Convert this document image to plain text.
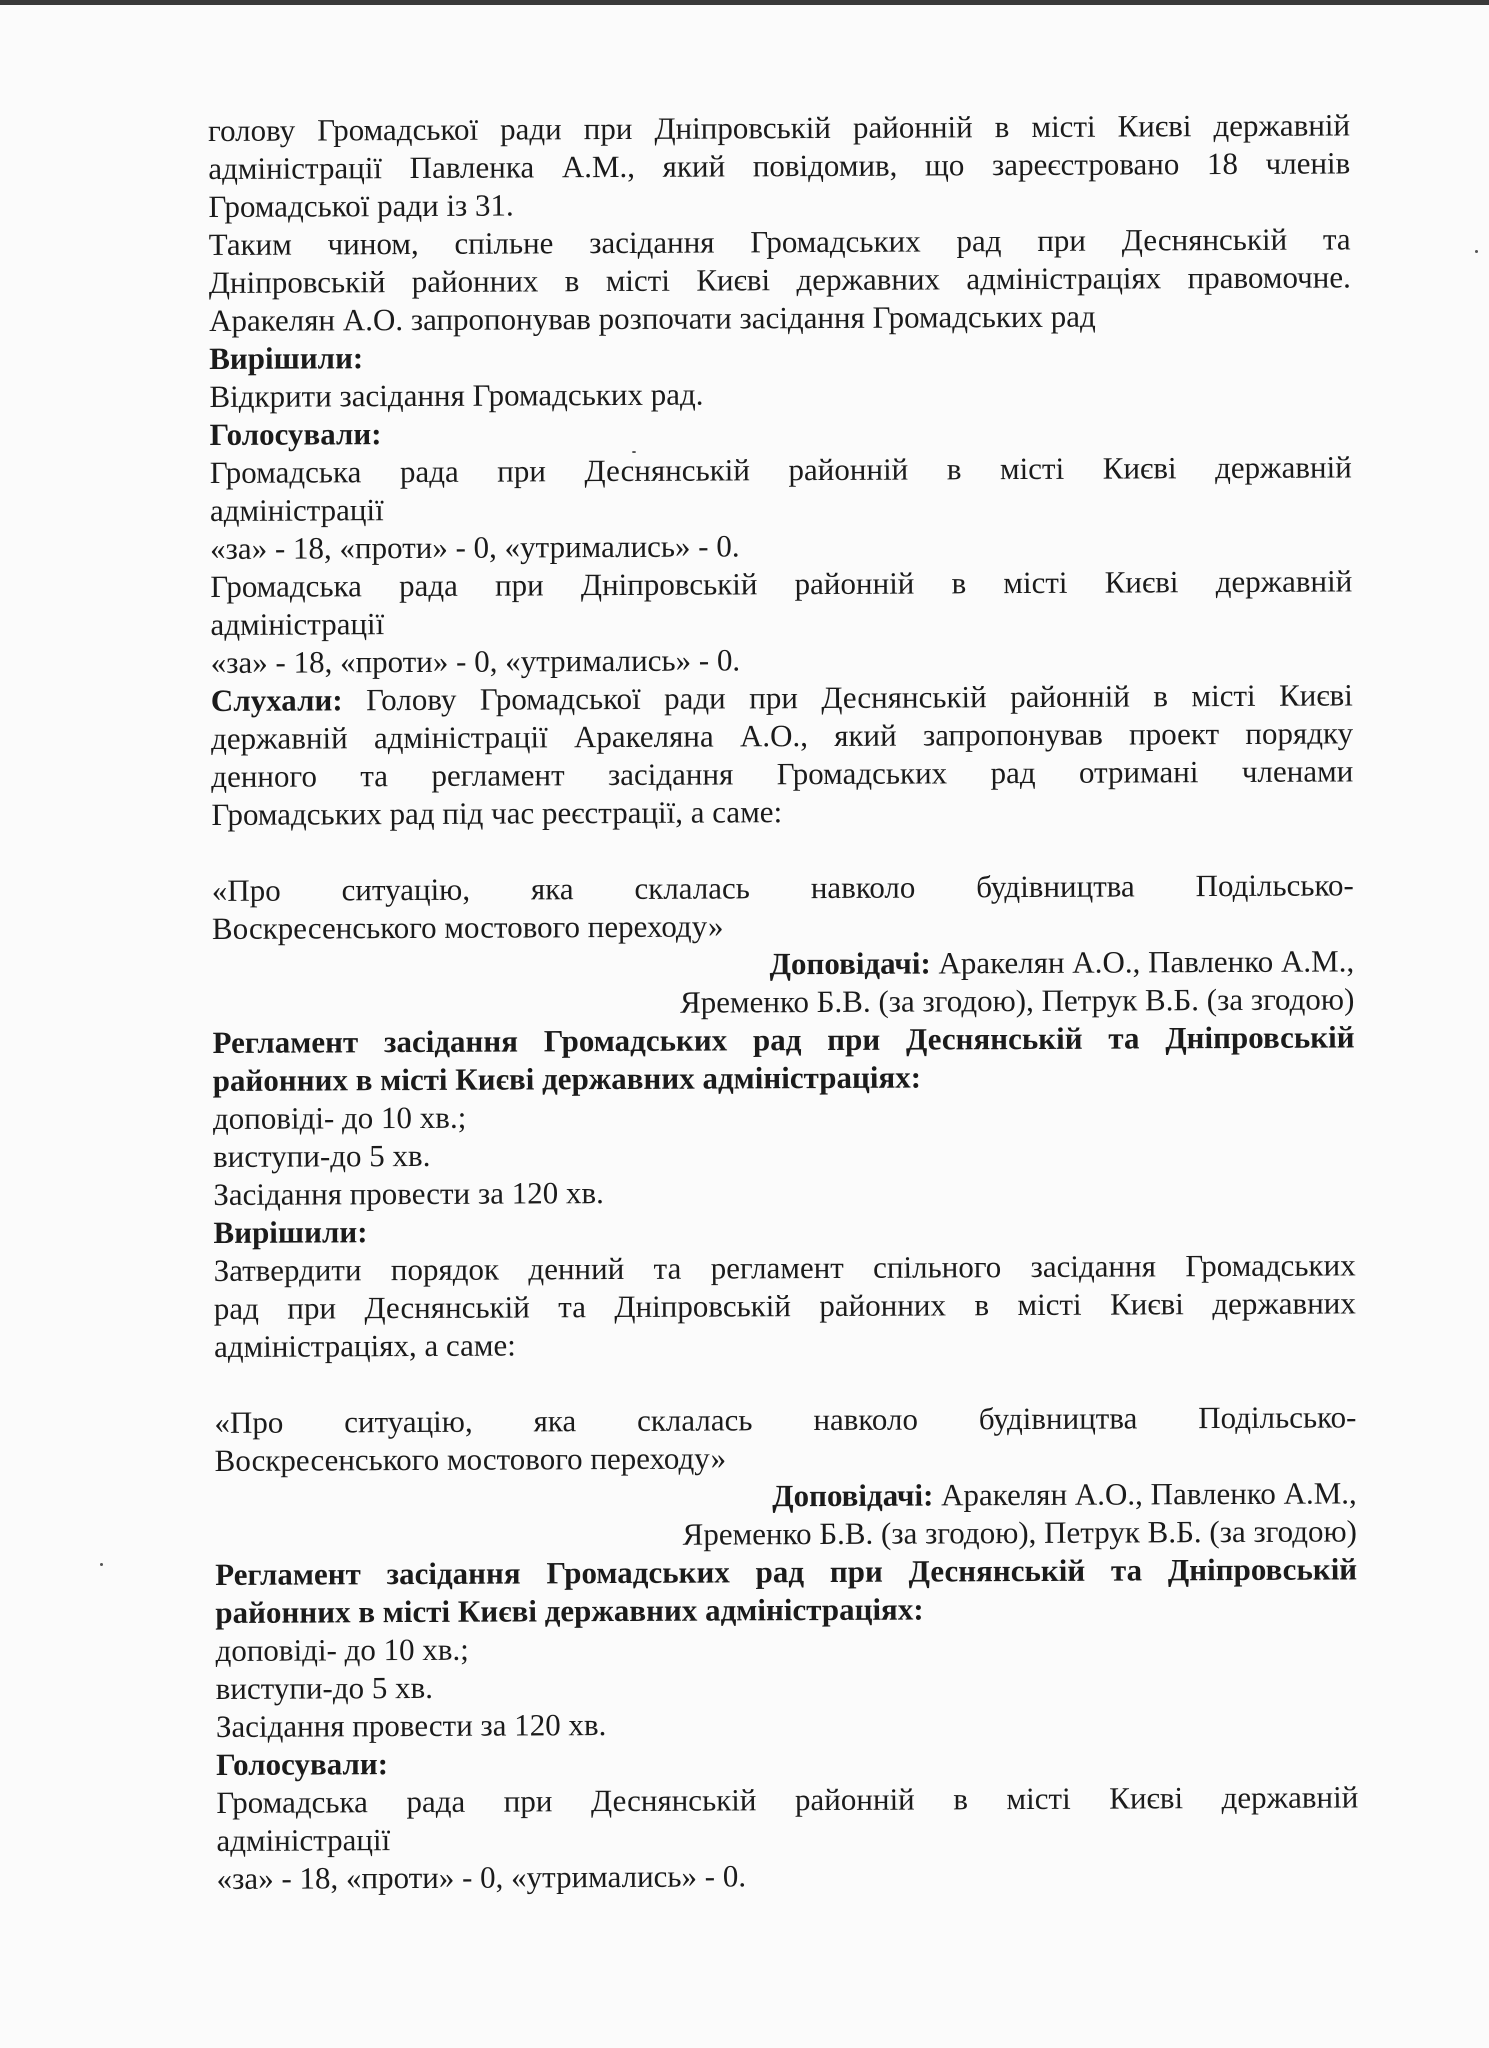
голову Громадської ради при Дніпровській районній в місті Києві державній

адміністрації Павленка А.М., який повідомив, що зареєстровано 18 членів

Громадської ради із 31.

Таким чином, спільне засідання Громадських рад при Деснянській та

Дніпровській районних в місті Києві державних адміністраціях правомочне.

Аракелян А.О. запропонував розпочати засідання Громадських рад

Вирішили:

Відкрити засідання Громадських рад.

Голосували:

Громадська рада при Деснянській районній в місті Києві державній

адміністрації

«за» - 18, «проти» - 0, «утримались» - 0.

Громадська рада при Дніпровській районній в місті Києві державній

адміністрації

«за» - 18, «проти» - 0, «утримались» - 0.

Слухали: Голову Громадської ради при Деснянській районній в місті Києві

державній адміністрації Аракеляна А.О., який запропонував проект порядку

денного та регламент засідання Громадських рад отримані членами

Громадських рад під час реєстрації, а саме:

«Про ситуацію, яка склалась навколо будівництва Подільсько-

Воскресенського мостового переходу»

Доповідачі: Аракелян А.О., Павленко А.М.,

Яременко Б.В. (за згодою), Петрук В.Б. (за згодою)

Регламент засідання Громадських рад при Деснянській та Дніпровській

районних в місті Києві державних адміністраціях:

доповіді- до 10 хв.;

виступи-до 5 хв.

Засідання провести за 120 хв.

Вирішили:

Затвердити порядок денний та регламент спільного засідання Громадських

рад при Деснянській та Дніпровській районних в місті Києві державних

адміністраціях, а саме:

«Про ситуацію, яка склалась навколо будівництва Подільсько-

Воскресенського мостового переходу»

Доповідачі: Аракелян А.О., Павленко А.М.,

Яременко Б.В. (за згодою), Петрук В.Б. (за згодою)

Регламент засідання Громадських рад при Деснянській та Дніпровській

районних в місті Києві державних адміністраціях:

доповіді- до 10 хв.;

виступи-до 5 хв.

Засідання провести за 120 хв.

Голосували:

Громадська рада при Деснянській районній в місті Києві державній

адміністрації

«за» - 18, «проти» - 0, «утримались» - 0.
